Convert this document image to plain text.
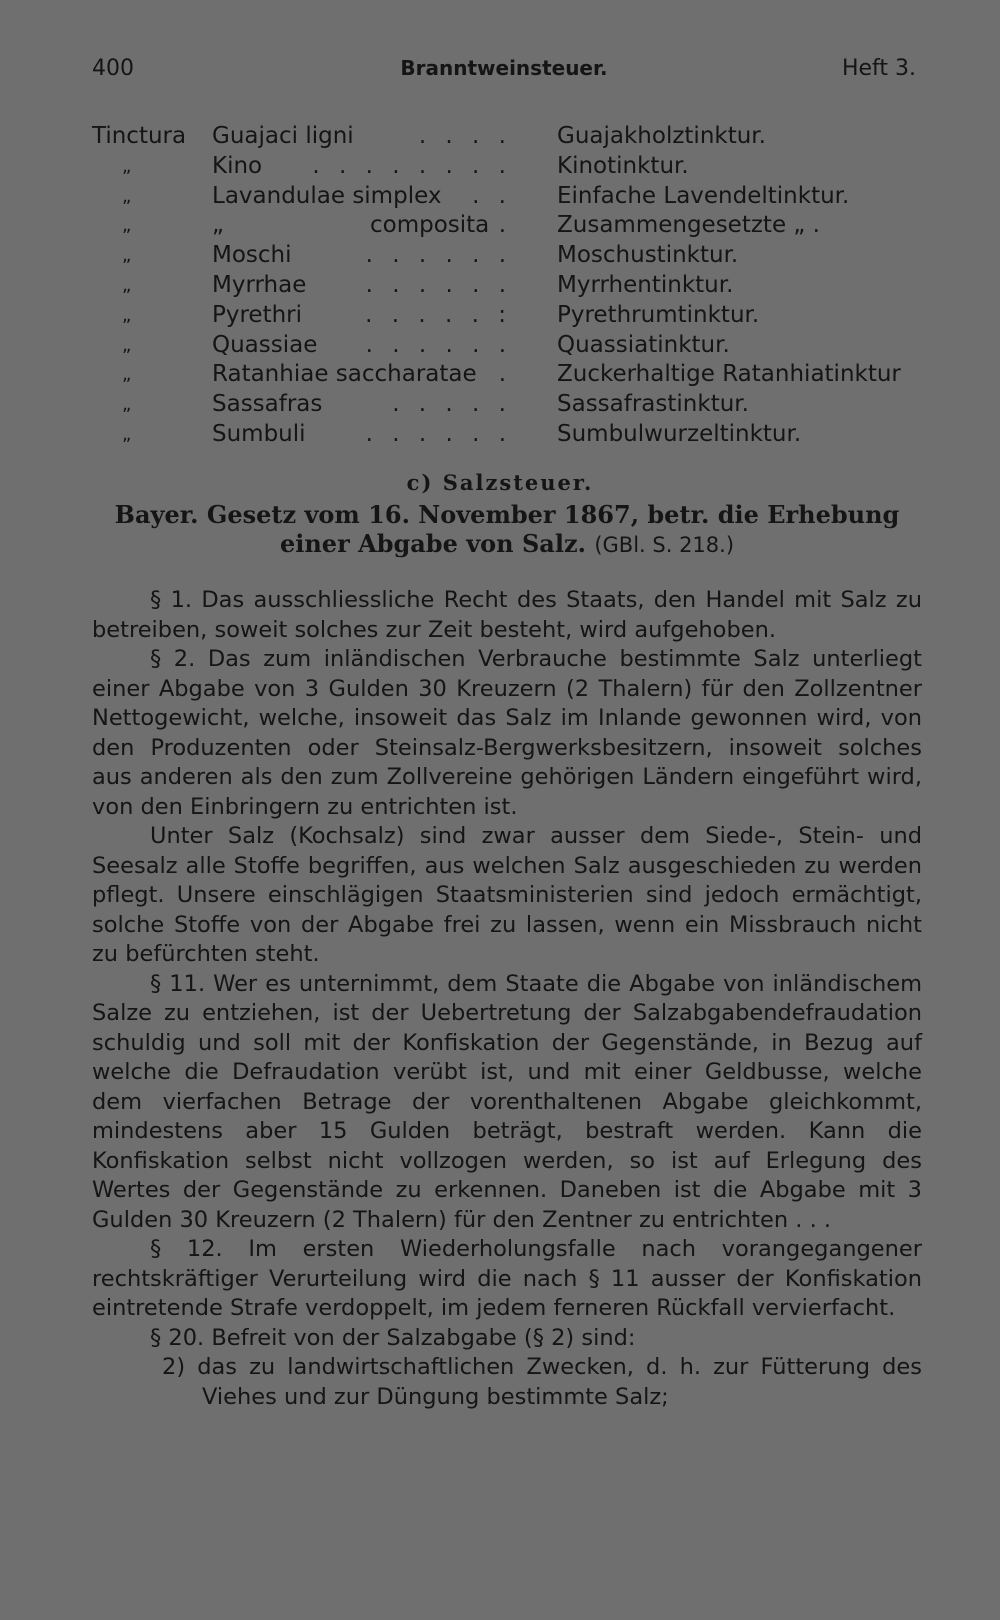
400	Branntweinsteuer.	Heft 3.
Tinctura Guajaci ligni	. . . . Guajakholztinktur.
„	Kino	. . . . . . . . Kinotinktur.
„	Lavandulae simplex	. . Einfache Lavendeltinktur.
„	„	composita . Zusammengesetzte „ .
„	Moschi	. . . . . . Moschustinktur.
„	Myrrhae	. . . . . . Myrrhentinktur.
„	Pyrethri	. . . . . : Pyrethrumtinktur.
„	Quassiae	. . . . . . Quassiatinktur.
„	Ratanhiae saccharatae . Zuckerhaltige Ratanhiatinktur
„	Sassafras	. . . . . Sassafrastinktur.
„	Sumbuli	. . . . . . Sumbulwurzeltinktur.
c) Salzsteuer.
Bayer. Gesetz vom 16. November 1867, betr. die Erhebung einer Abgabe von Salz. (GBl. S. 218.)

§ 1. Das ausschliessliche Recht des Staats, den Handel mit Salz zu betreiben, soweit solches zur Zeit besteht, wird aufgehoben.

§ 2. Das zum inländischen Verbrauche bestimmte Salz unterliegt einer Abgabe von 3 Gulden 30 Kreuzern (2 Thalern) für den Zollzentner Nettogewicht, welche, insoweit das Salz im Inlande gewonnen wird, von den Produzenten oder Steinsalz-Bergwerksbesitzern, insoweit solches aus anderen als den zum Zollvereine gehörigen Ländern eingeführt wird, von den Einbringern zu entrichten ist.

Unter Salz (Kochsalz) sind zwar ausser dem Siede-, Stein- und Seesalz alle Stoffe begriffen, aus welchen Salz ausgeschieden zu werden pflegt. Unsere einschlägigen Staatsministerien sind jedoch ermächtigt, solche Stoffe von der Abgabe frei zu lassen, wenn ein Missbrauch nicht zu befürchten steht.

§ 11. Wer es unternimmt, dem Staate die Abgabe von inländischem Salze zu entziehen, ist der Uebertretung der Salzabgabendefraudation schuldig und soll mit der Konfiskation der Gegenstände, in Bezug auf welche die Defraudation verübt ist, und mit einer Geldbusse, welche dem vierfachen Betrage der vorenthaltenen Abgabe gleichkommt, mindestens aber 15 Gulden beträgt, bestraft werden. Kann die Konfiskation selbst nicht vollzogen werden, so ist auf Erlegung des Wertes der Gegenstände zu erkennen. Daneben ist die Abgabe mit 3 Gulden 30 Kreuzern (2 Thalern) für den Zentner zu entrichten . . .

§ 12. Im ersten Wiederholungsfalle nach vorangegangener rechtskräftiger Verurteilung wird die nach § 11 ausser der Konfiskation eintretende Strafe verdoppelt, im jedem ferneren Rückfall vervierfacht.

§ 20. Befreit von der Salzabgabe (§ 2) sind:

2) das zu landwirtschaftlichen Zwecken, d. h. zur Fütterung des Viehes und zur Düngung bestimmte Salz;
